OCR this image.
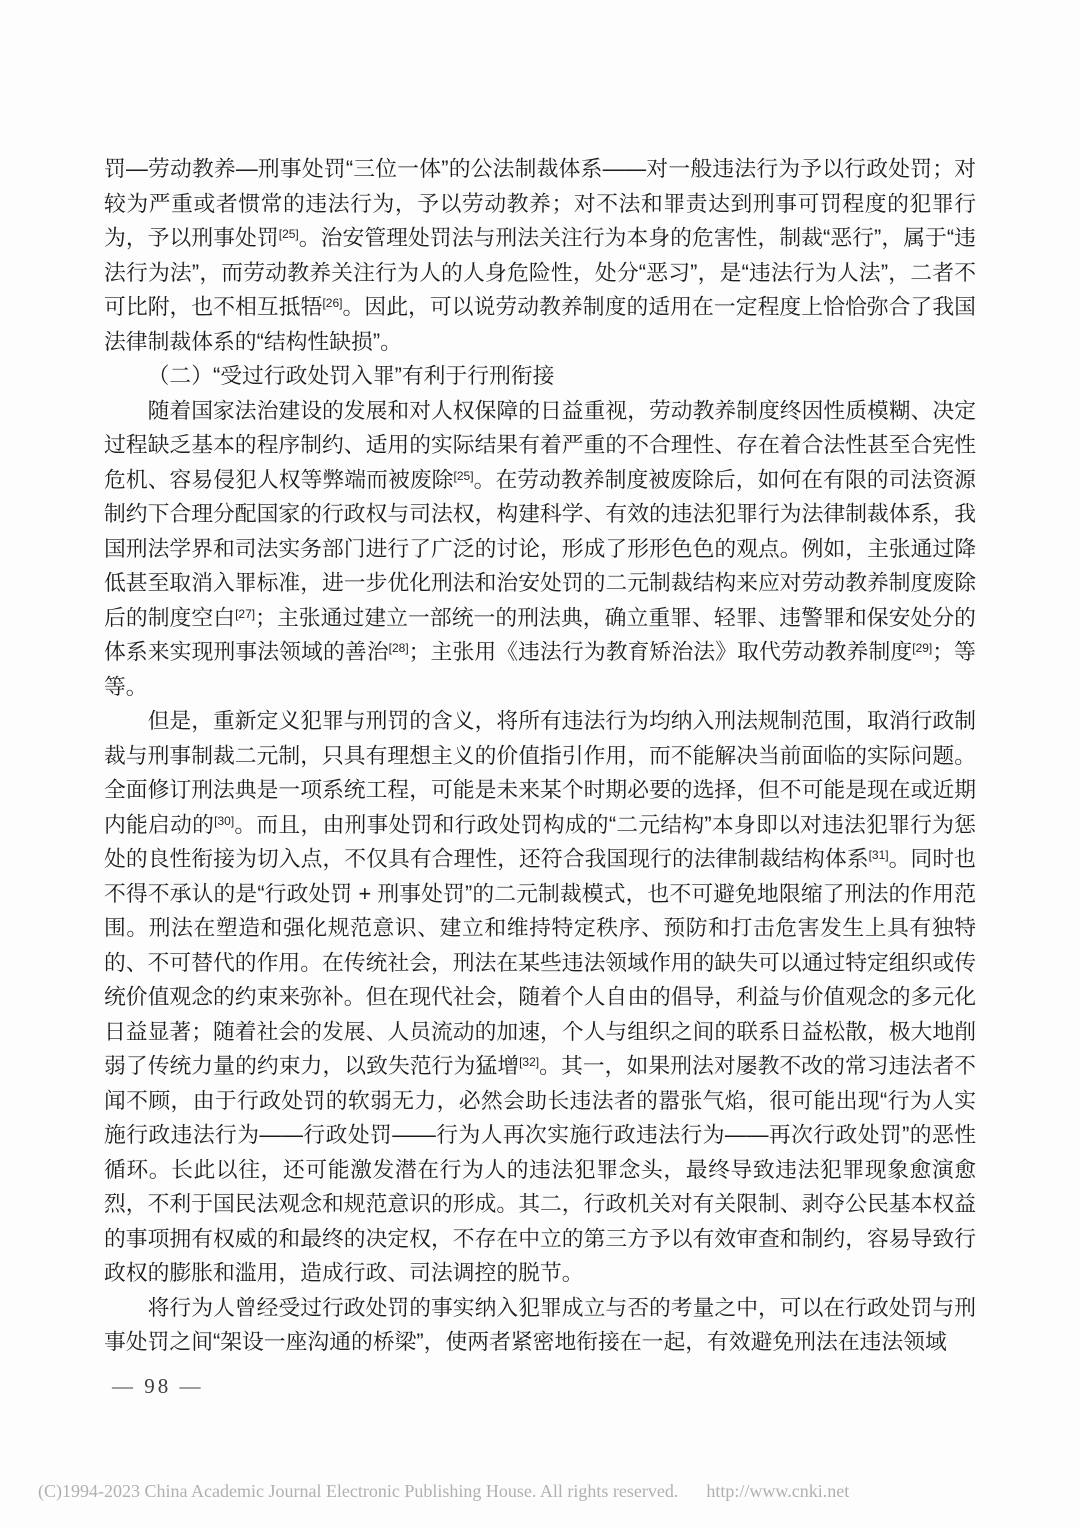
罚—劳动教养—刑事处罚“三位一体”的公法制裁体系——对一般违法行为予以行政处罚；对较为严重或者惯常的违法行为，予以劳动教养；对不法和罪责达到刑事可罚程度的犯罪行为，予以刑事处罚[25]。治安管理处罚法与刑法关注行为本身的危害性，制裁“恶行”，属于“违法行为法”，而劳动教养关注行为人的人身危险性，处分“恶习”，是“违法行为人法”，二者不可比附，也不相互抵牾[26]。因此，可以说劳动教养制度的适用在一定程度上恰恰弥合了我国法律制裁体系的“结构性缺损”。

（二）“受过行政处罚入罪”有利于行刑衔接

随着国家法治建设的发展和对人权保障的日益重视，劳动教养制度终因性质模糊、决定过程缺乏基本的程序制约、适用的实际结果有着严重的不合理性、存在着合法性甚至合宪性危机、容易侵犯人权等弊端而被废除[25]。在劳动教养制度被废除后，如何在有限的司法资源制约下合理分配国家的行政权与司法权，构建科学、有效的违法犯罪行为法律制裁体系，我国刑法学界和司法实务部门进行了广泛的讨论，形成了形形色色的观点。例如，主张通过降低甚至取消入罪标准，进一步优化刑法和治安处罚的二元制裁结构来应对劳动教养制度废除后的制度空白[27]；主张通过建立一部统一的刑法典，确立重罪、轻罪、违警罪和保安处分的体系来实现刑事法领域的善治[28]；主张用《违法行为教育矫治法》取代劳动教养制度[29]；等等。

但是，重新定义犯罪与刑罚的含义，将所有违法行为均纳入刑法规制范围，取消行政制裁与刑事制裁二元制，只具有理想主义的价值指引作用，而不能解决当前面临的实际问题。全面修订刑法典是一项系统工程，可能是未来某个时期必要的选择，但不可能是现在或近期内能启动的[30]。而且，由刑事处罚和行政处罚构成的“二元结构”本身即以对违法犯罪行为惩处的良性衔接为切入点，不仅具有合理性，还符合我国现行的法律制裁结构体系[31]。同时也不得不承认的是“行政处罚 + 刑事处罚”的二元制裁模式，也不可避免地限缩了刑法的作用范围。刑法在塑造和强化规范意识、建立和维持特定秩序、预防和打击危害发生上具有独特的、不可替代的作用。在传统社会，刑法在某些违法领域作用的缺失可以通过特定组织或传统价值观念的约束来弥补。但在现代社会，随着个人自由的倡导，利益与价值观念的多元化日益显著；随着社会的发展、人员流动的加速，个人与组织之间的联系日益松散，极大地削弱了传统力量的约束力，以致失范行为猛增[32]。其一，如果刑法对屡教不改的常习违法者不闻不顾，由于行政处罚的软弱无力，必然会助长违法者的嚣张气焰，很可能出现“行为人实施行政违法行为——行政处罚——行为人再次实施行政违法行为——再次行政处罚”的恶性循环。长此以往，还可能激发潜在行为人的违法犯罪念头，最终导致违法犯罪现象愈演愈烈，不利于国民法观念和规范意识的形成。其二，行政机关对有关限制、剥夺公民基本权益的事项拥有权威的和最终的决定权，不存在中立的第三方予以有效审查和制约，容易导致行政权的膨胀和滥用，造成行政、司法调控的脱节。

将行为人曾经受过行政处罚的事实纳入犯罪成立与否的考量之中，可以在行政处罚与刑事处罚之间“架设一座沟通的桥梁”，使两者紧密地衔接在一起，有效避免刑法在违法领域

— 98 —
(C)1994-2023 China Academic Journal Electronic Publishing House. All rights reserved. http://www.cnki.net
